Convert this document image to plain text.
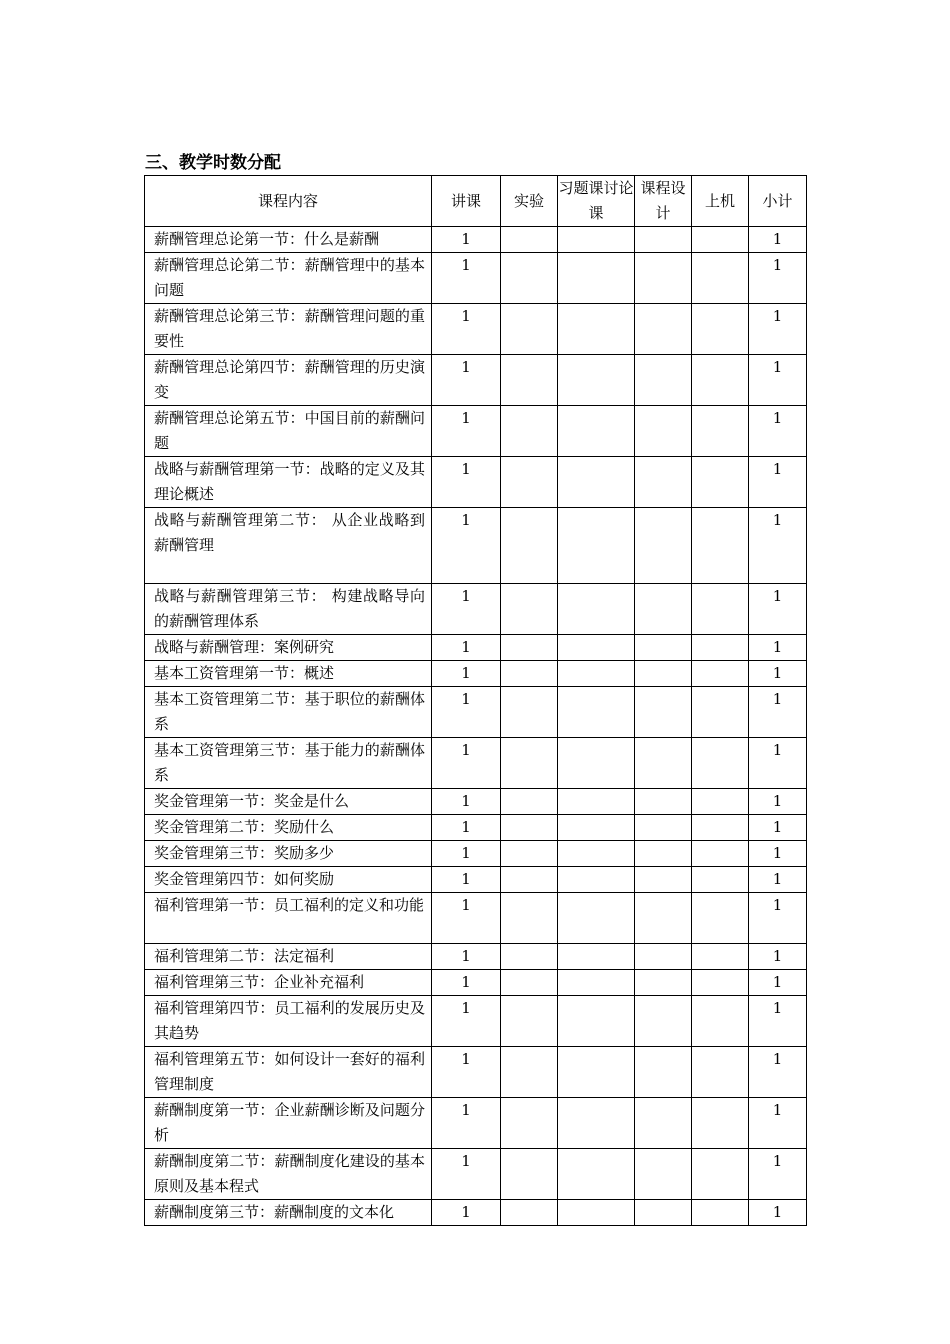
三、教学时数分配
课程内容	讲课	实验	习题课讨论课	课程设计	上机	小计
薪酬管理总论第一节：什么是薪酬	1					1
薪酬管理总论第二节：薪酬管理中的基本问题	1					1
薪酬管理总论第三节：薪酬管理问题的重要性	1					1
薪酬管理总论第四节：薪酬管理的历史演变	1					1
薪酬管理总论第五节：中国目前的薪酬问题	1					1
战略与薪酬管理第一节：战略的定义及其理论概述	1					1
战略与薪酬管理第二节： 从企业战略到薪酬管理	1					1
战略与薪酬管理第三节： 构建战略导向的薪酬管理体系	1					1
战略与薪酬管理：案例研究	1					1
基本工资管理第一节：概述	1					1
基本工资管理第二节：基于职位的薪酬体系	1					1
基本工资管理第三节：基于能力的薪酬体系	1					1
奖金管理第一节：奖金是什么	1					1
奖金管理第二节：奖励什么	1					1
奖金管理第三节：奖励多少	1					1
奖金管理第四节：如何奖励	1					1
福利管理第一节：员工福利的定义和功能	1					1
福利管理第二节：法定福利	1					1
福利管理第三节：企业补充福利	1					1
福利管理第四节：员工福利的发展历史及其趋势	1					1
福利管理第五节：如何设计一套好的福利管理制度	1					1
薪酬制度第一节：企业薪酬诊断及问题分析	1					1
薪酬制度第二节：薪酬制度化建设的基本原则及基本程式	1					1
薪酬制度第三节：薪酬制度的文本化	1					1
